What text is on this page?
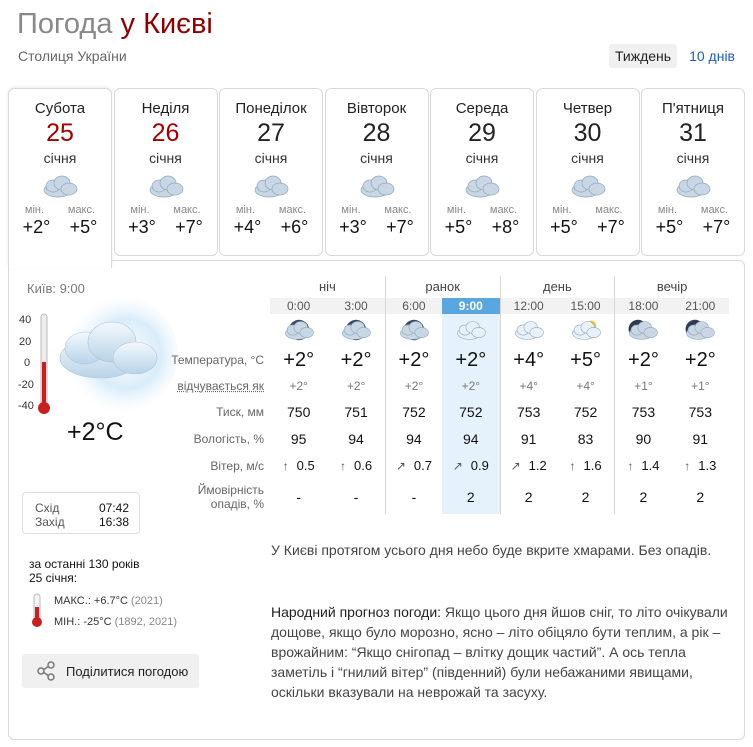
Погода у Києві
Столиця України	Тиждень	10 днів
Субота
25
січня
мін. макс.
+2° +5°
Неділя
26
січня
мін. макс.
+3° +7°
Понеділок
27
січня
мін. макс.
+4° +6°
Вівторок
28
січня
мін. макс.
+3° +7°
Середа
29
січня
мін. макс.
+5° +8°
Четвер
30
січня
мін. макс.
+5° +7°
П'ятниця
31
січня
мін. макс.
+5° +7°
Київ: 9:00
40
20
0
-20
-40
+2°C
Схід	07:42
Захід	16:38
за останні 130 років
25 січня:
МАКС.: +6.7°C (2021)
МІН.: -25°C (1892, 2021)
Поділитися погодою
ніч	ранок	день	вечір
0:00	3:00	6:00	9:00	12:00	15:00	18:00	21:00
Температура, °C +2°	+2°	+2°	+2°	+4°	+5°	+2°	+2°
відчувається як	+2°	+2°	+2°	+2°	+4°	+4°	+1°	+1°
Тиск, мм	750	751	752	752	753	752	753	753
Вологість, %	95	94	94	94	91	83	90	91
Вітер, м/с	↑ 0.5 ↑ 0.6 ↗ 0.7 ↗ 0.9 ↗ 1.2 ↑ 1.6 ↑ 1.4 ↑ 1.3
Ймовірність
опадів, %	-	-	-	2	2	2	2	2
У Києві протягом усього дня небо буде вкрите хмарами. Без опадів.
Народний прогноз погоди: Якщо цього дня йшов сніг, то літо очікували дощове, якщо було морозно, ясно – літо обіцяло бути теплим, а рік – врожайним: “Якщо снігопад – влітку дощик частий”. А ось тепла заметіль і “гнилий вітер” (південний) були небажаними явищами, оскільки вказували на неврожай та засуху.
